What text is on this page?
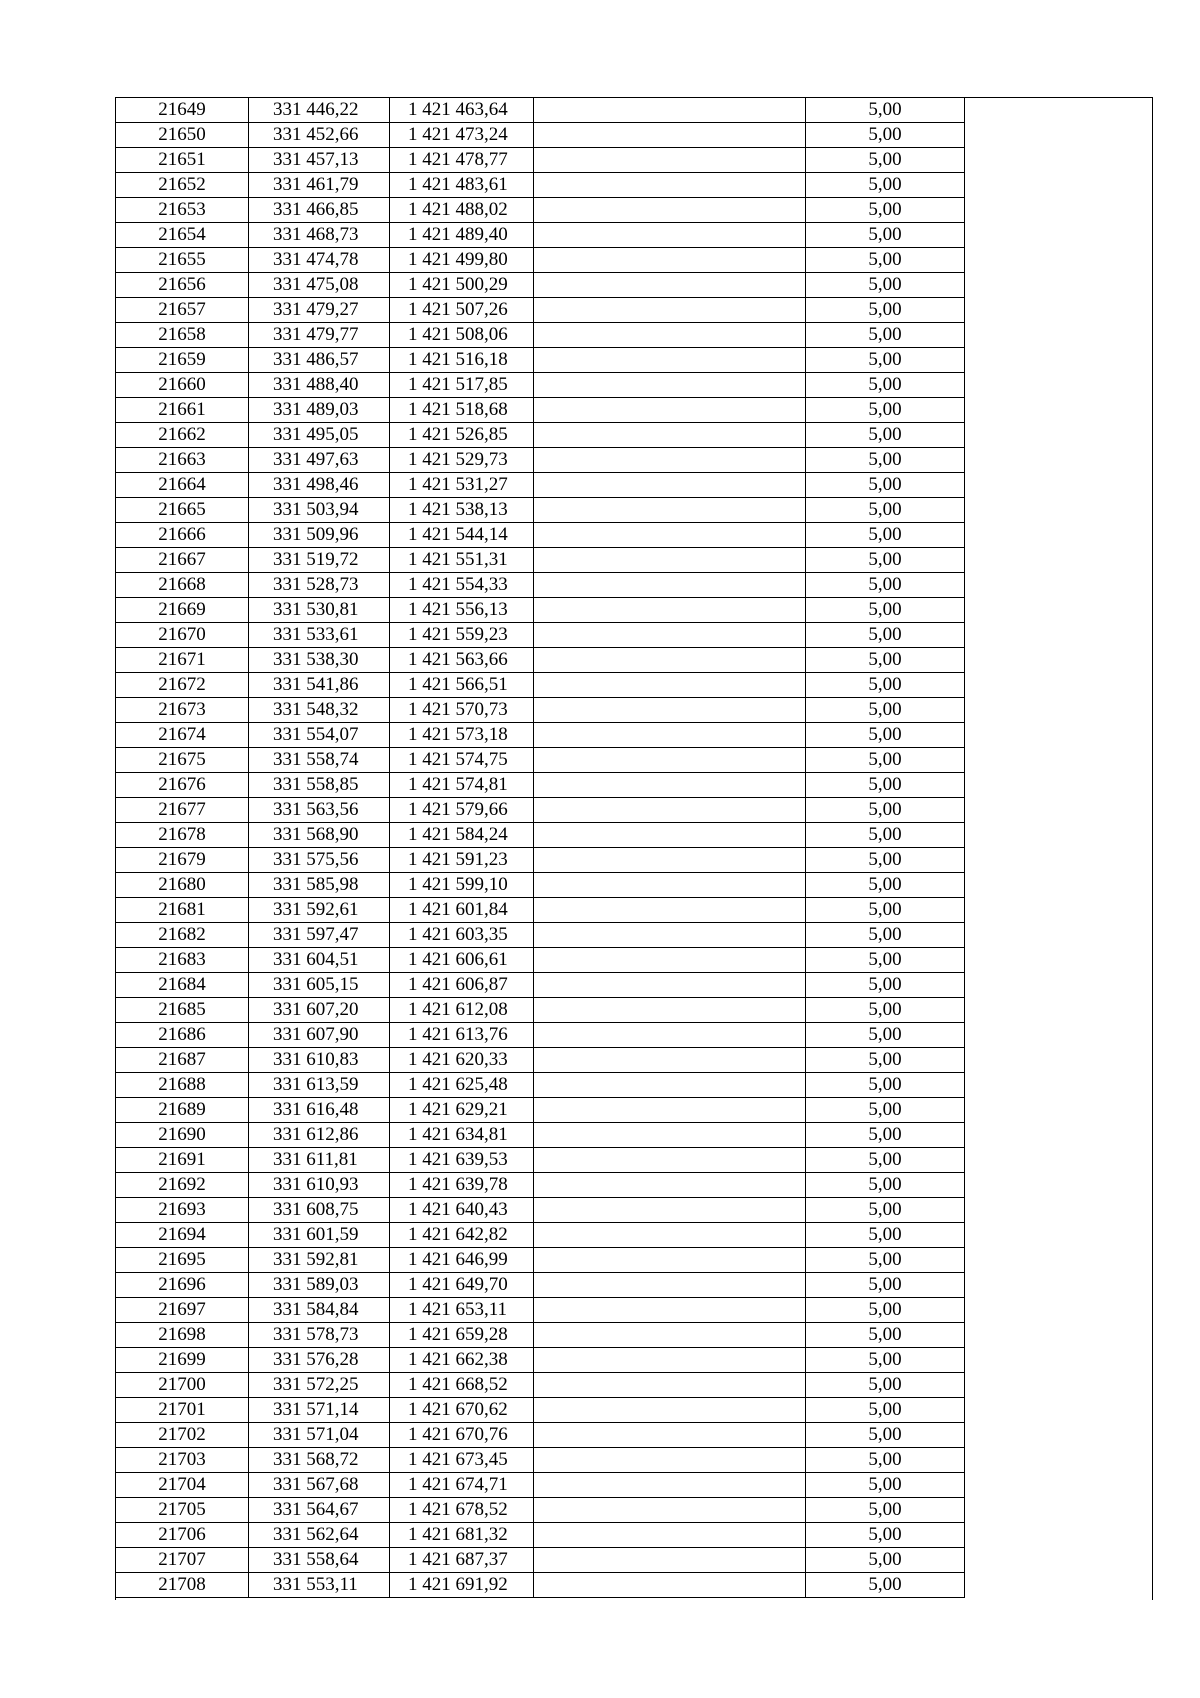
21649	331 446,22	1 421 463,64	5,00
21650	331 452,66	1 421 473,24	5,00
21651	331 457,13	1 421 478,77	5,00
21652	331 461,79	1 421 483,61	5,00
21653	331 466,85	1 421 488,02	5,00
21654	331 468,73	1 421 489,40	5,00
21655	331 474,78	1 421 499,80	5,00
21656	331 475,08	1 421 500,29	5,00
21657	331 479,27	1 421 507,26	5,00
21658	331 479,77	1 421 508,06	5,00
21659	331 486,57	1 421 516,18	5,00
21660	331 488,40	1 421 517,85	5,00
21661	331 489,03	1 421 518,68	5,00
21662	331 495,05	1 421 526,85	5,00
21663	331 497,63	1 421 529,73	5,00
21664	331 498,46	1 421 531,27	5,00
21665	331 503,94	1 421 538,13	5,00
21666	331 509,96	1 421 544,14	5,00
21667	331 519,72	1 421 551,31	5,00
21668	331 528,73	1 421 554,33	5,00
21669	331 530,81	1 421 556,13	5,00
21670	331 533,61	1 421 559,23	5,00
21671	331 538,30	1 421 563,66	5,00
21672	331 541,86	1 421 566,51	5,00
21673	331 548,32	1 421 570,73	5,00
21674	331 554,07	1 421 573,18	5,00
21675	331 558,74	1 421 574,75	5,00
21676	331 558,85	1 421 574,81	5,00
21677	331 563,56	1 421 579,66	5,00
21678	331 568,90	1 421 584,24	5,00
21679	331 575,56	1 421 591,23	5,00
21680	331 585,98	1 421 599,10	5,00
21681	331 592,61	1 421 601,84	5,00
21682	331 597,47	1 421 603,35	5,00
21683	331 604,51	1 421 606,61	5,00
21684	331 605,15	1 421 606,87	5,00
21685	331 607,20	1 421 612,08	5,00
21686	331 607,90	1 421 613,76	5,00
21687	331 610,83	1 421 620,33	5,00
21688	331 613,59	1 421 625,48	5,00
21689	331 616,48	1 421 629,21	5,00
21690	331 612,86	1 421 634,81	5,00
21691	331 611,81	1 421 639,53	5,00
21692	331 610,93	1 421 639,78	5,00
21693	331 608,75	1 421 640,43	5,00
21694	331 601,59	1 421 642,82	5,00
21695	331 592,81	1 421 646,99	5,00
21696	331 589,03	1 421 649,70	5,00
21697	331 584,84	1 421 653,11	5,00
21698	331 578,73	1 421 659,28	5,00
21699	331 576,28	1 421 662,38	5,00
21700	331 572,25	1 421 668,52	5,00
21701	331 571,14	1 421 670,62	5,00
21702	331 571,04	1 421 670,76	5,00
21703	331 568,72	1 421 673,45	5,00
21704	331 567,68	1 421 674,71	5,00
21705	331 564,67	1 421 678,52	5,00
21706	331 562,64	1 421 681,32	5,00
21707	331 558,64	1 421 687,37	5,00
21708	331 553,11	1 421 691,92	5,00
